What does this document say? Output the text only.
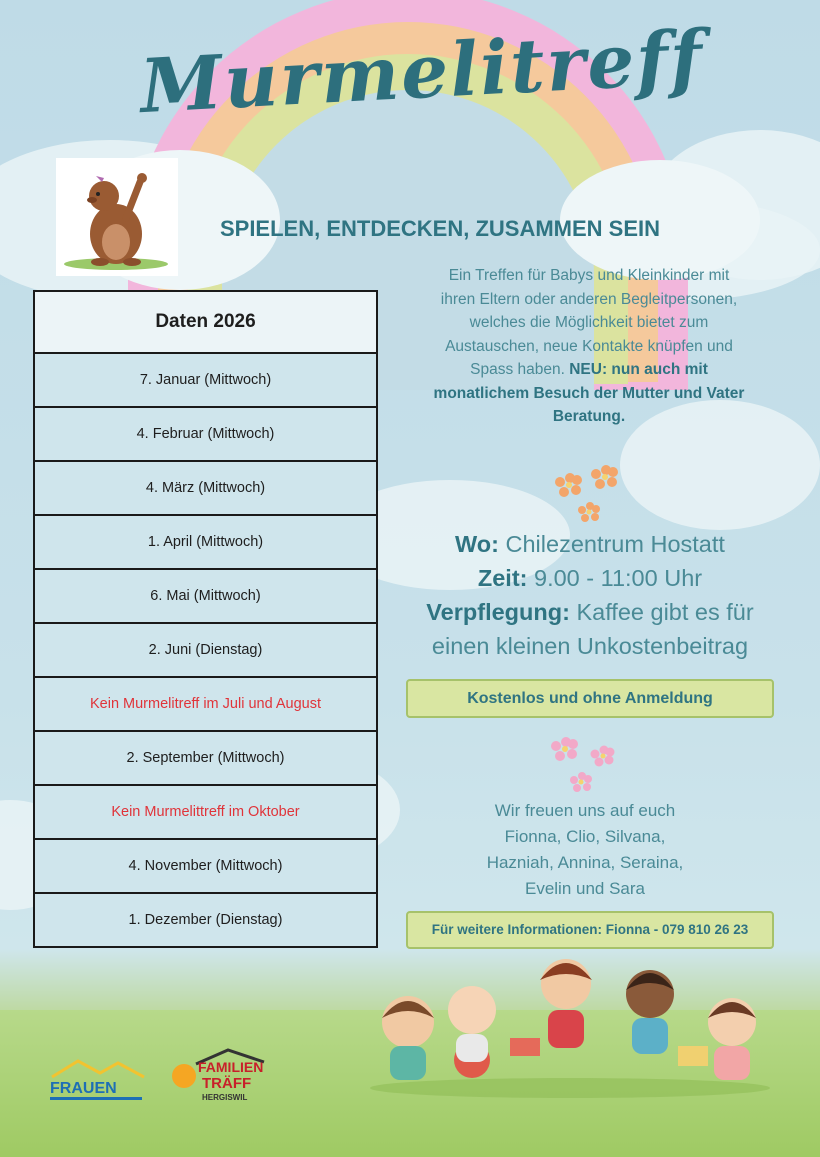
Murmelitreff
SPIELEN, ENTDECKEN, ZUSAMMEN SEIN
Daten 2026
7. Januar (Mittwoch)
4. Februar (Mittwoch)
4. März (Mittwoch)
1. April (Mittwoch)
6. Mai (Mittwoch)
2. Juni (Dienstag)
Kein Murmelitreff im Juli und August
2. September (Mittwoch)
Kein Murmelittreff im Oktober
4. November (Mittwoch)
1. Dezember (Dienstag)
Ein Treffen für Babys und Kleinkinder mit ihren Eltern oder anderen Begleitpersonen, welches die Möglichkeit bietet zum Austauschen, neue Kontakte knüpfen und Spass haben. NEU: nun auch mit monatlichem Besuch der Mutter und Vater Beratung.
Wo: Chilezentrum Hostatt
Zeit: 9.00 - 11:00 Uhr
Verpflegung: Kaffee gibt es für einen kleinen Unkostenbeitrag
Kostenlos und ohne Anmeldung
Wir freuen uns auf euch
Fionna, Clio, Silvana,
Hazniah, Annina, Seraina,
Evelin und Sara
Für weitere Informationen: Fionna - 079 810 26 23
FRAUEN
FAMILIEN
TRÄFF
HERGISWIL
